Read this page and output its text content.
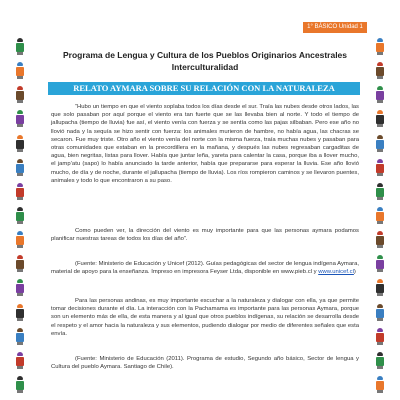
1° BÁSICO Unidad 1
Programa de Lengua y Cultura de los Pueblos Originarios Ancestrales Interculturalidad
RELATO AYMARA SOBRE SU RELACIÓN CON LA NATURALEZA

“Hubo un tiempo en que el viento soplaba todos los días desde el sur. Traía las nubes desde otros lados, las que solo pasaban por aquí porque el viento era tan fuerte que se las llevaba bien al norte. Y todo el tiempo de jallupacha (tiempo de lluvia) fue así, el viento venía con fuerza y se sentía como las pajas silbaban. Pero ese año no llovió nada y la sequía se hizo sentir con fuerza: los animales murieron de hambre, no había agua, las chacras se secaron. Fue muy triste. Otro año el viento venía del norte con la misma fuerza, traía muchas nubes y pasaban para otras comunidades que estaban en la precordillera en la mañana, y después las nubes regresaban cargaditas de agua, bien negritas, listas para llover. Había que juntar leña, yareta para calentar la casa, porque iba a llover mucho, el jamp’atu (sapo) lo había anunciado la tarde anterior, había que prepararse para esperar la lluvia. Ese año llovió mucho, de día y de noche, durante el jallupacha (tiempo de lluvia). Los ríos rompieron caminos y se llevaron puentes, animales y todo lo que encontraron a su paso.

Como pueden ver, la dirección del viento es muy importante para que las personas aymara podamos planificar nuestras tareas de todos los días del año”.

(Fuente: Ministerio de Educación y Unicef (2012). Guías pedagógicas del sector de lengua indígena Aymara, material de apoyo para la enseñanza. Impreso en impresora Feyser Ltda, disponible en www.pieb.cl y www.unicef.cl)

Para las personas andinas, es muy importante escuchar a la naturaleza y dialogar con ella, ya que permite tomar decisiones durante el día. La interacción con la Pachamama es importante para las personas Aymara, porque son un elemento más de ella, de esta manera y al igual que otros pueblos indígenas, su relación se desarrolla desde el respeto y el amor hacia la naturaleza y sus elementos, pudiendo dialogar por medio de diferentes señales que esta envía.

(Fuente: Ministerio de Educación (2011). Programa de estudio, Segundo año básico, Sector de lengua y Cultura del pueblo Aymara. Santiago de Chile).
